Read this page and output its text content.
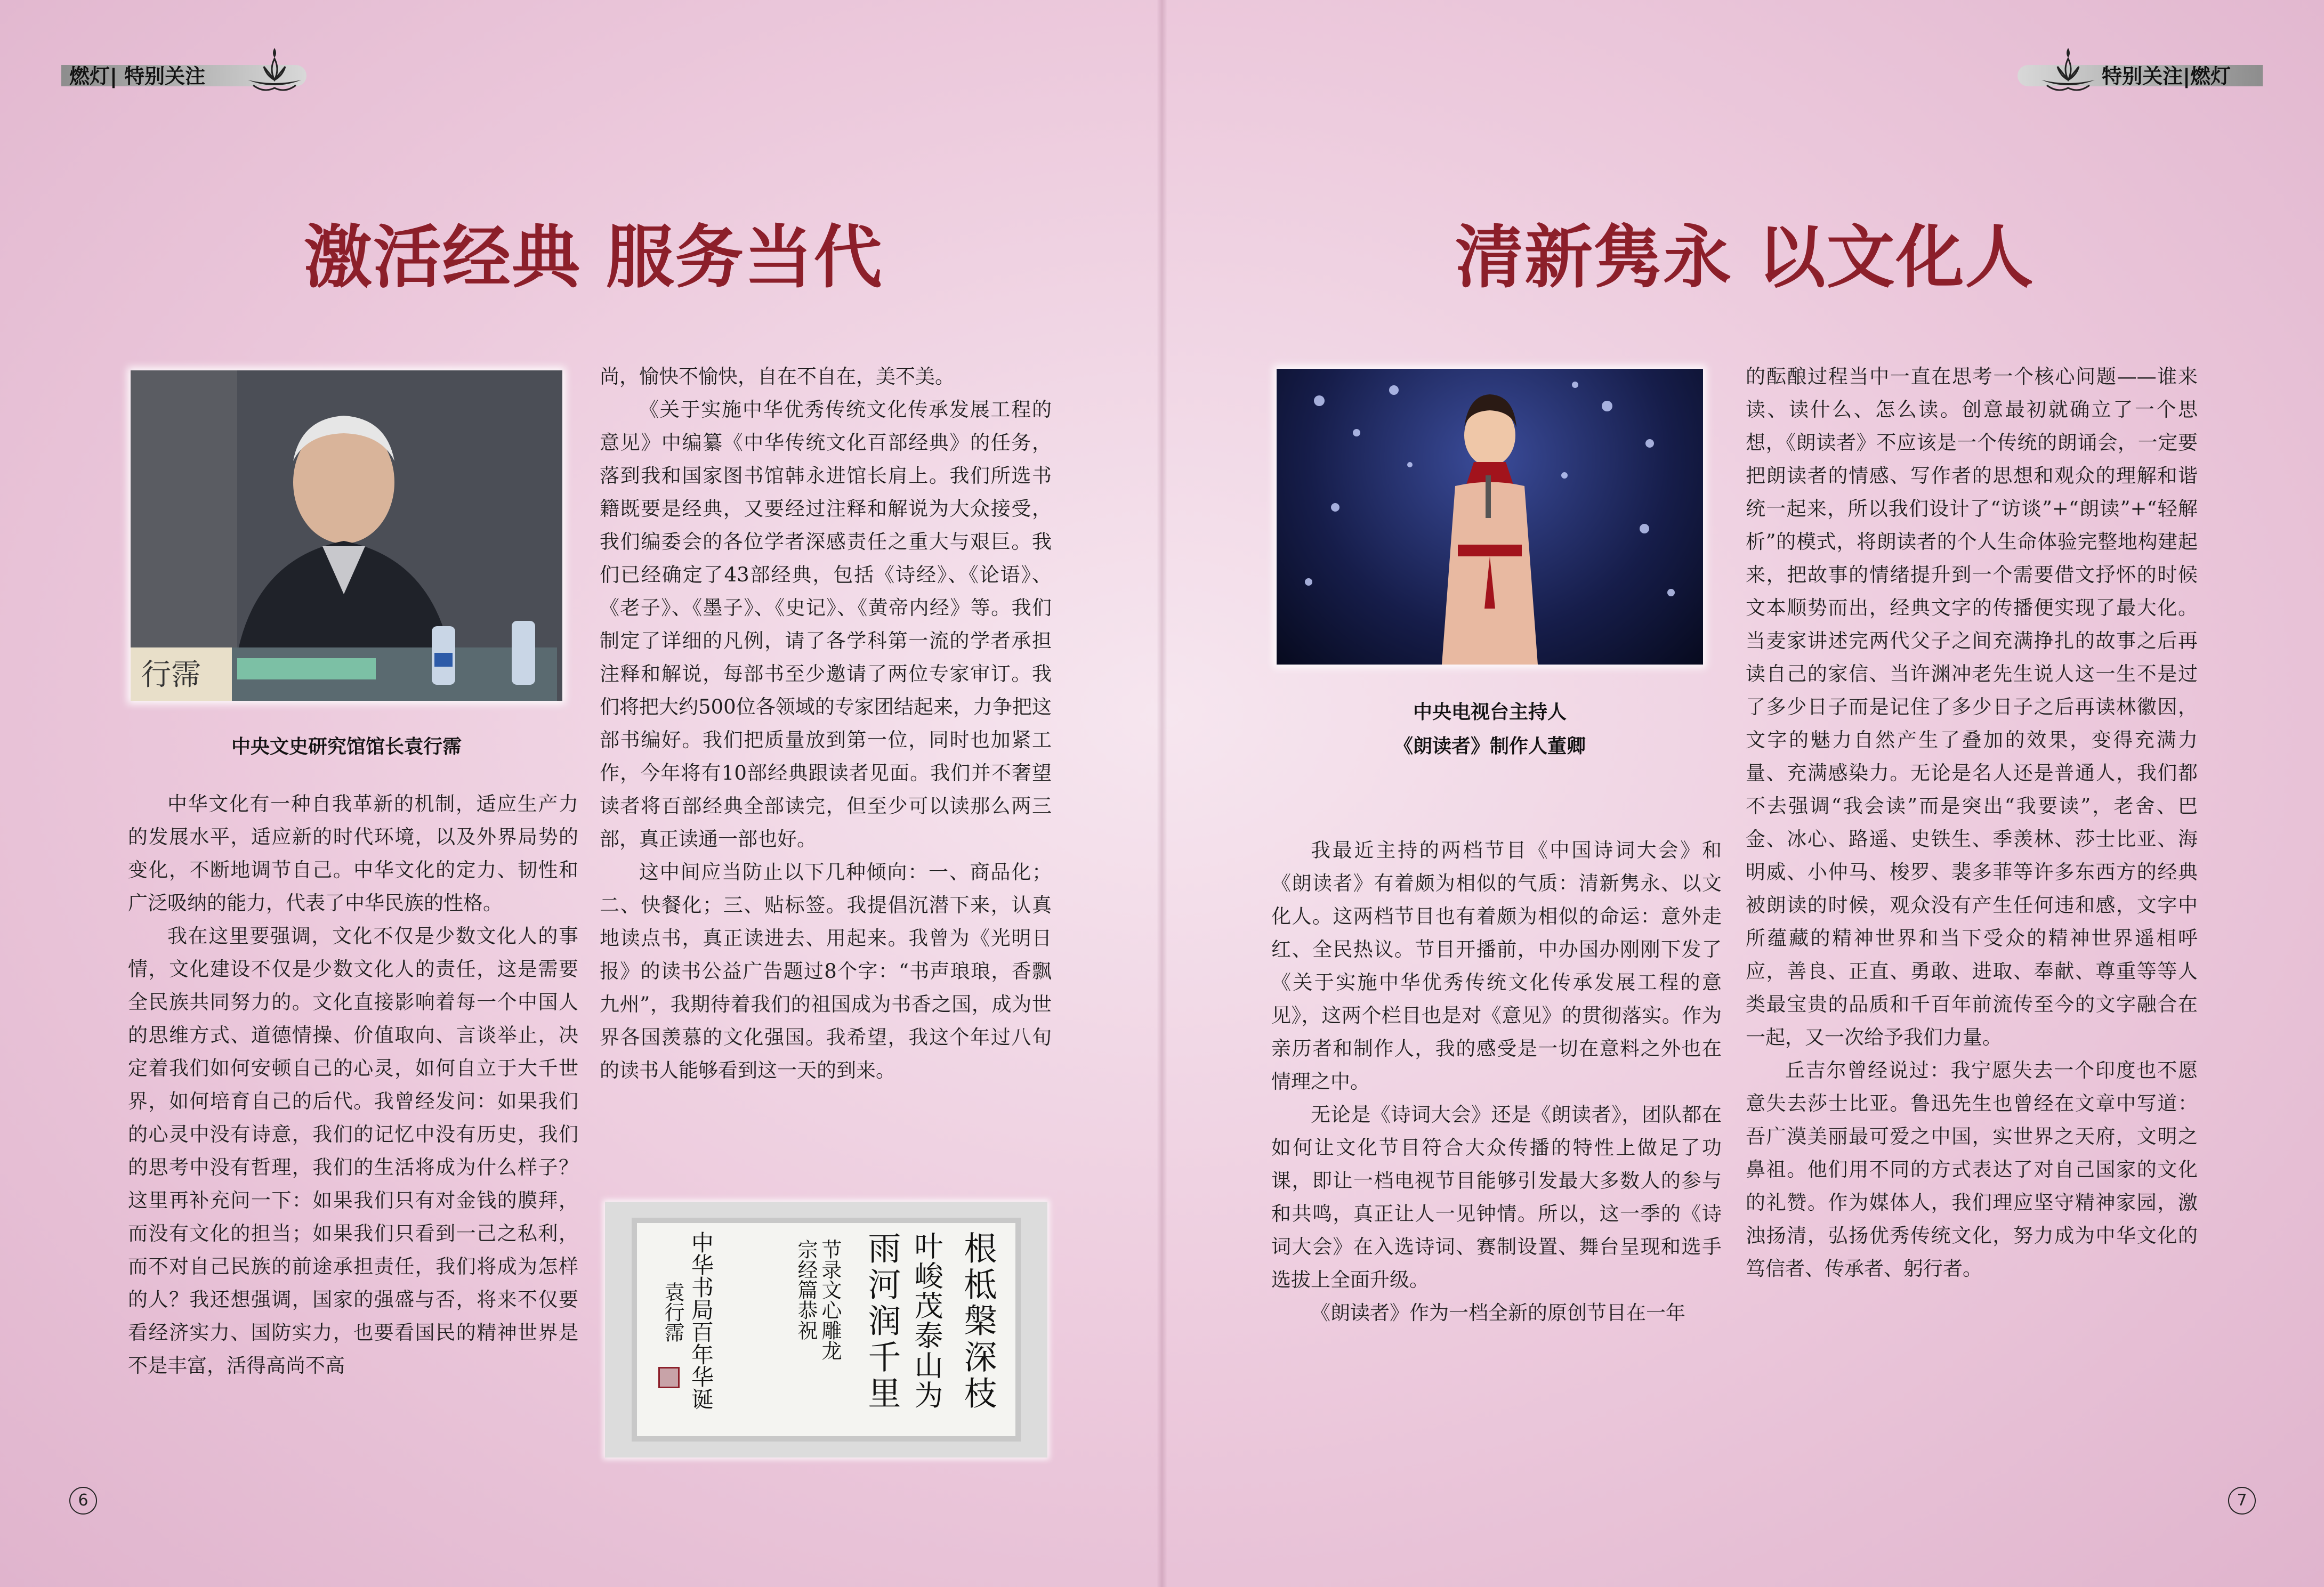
燃灯| 特别关注
激活经典 服务当代
行霈
中央文史研究馆馆长袁行霈

中华文化有一种自我革新的机制，适应生产力的发展水平，适应新的时代环境，以及外界局势的变化，不断地调节自己。中华文化的定力、韧性和广泛吸纳的能力，代表了中华民族的性格。

我在这里要强调，文化不仅是少数文化人的事情，文化建设不仅是少数文化人的责任，这是需要全民族共同努力的。文化直接影响着每一个中国人的思维方式、道德情操、价值取向、言谈举止，决定着我们如何安顿自己的心灵，如何自立于大千世界，如何培育自己的后代。我曾经发问：如果我们的心灵中没有诗意，我们的记忆中没有历史，我们的思考中没有哲理，我们的生活将成为什么样子？这里再补充问一下：如果我们只有对金钱的膜拜，而没有文化的担当；如果我们只看到一己之私利，而不对自己民族的前途承担责任，我们将成为怎样的人？我还想强调，国家的强盛与否，将来不仅要看经济实力、国防实力，也要看国民的精神世界是不是丰富，活得高尚不高

尚，愉快不愉快，自在不自在，美不美。

《关于实施中华优秀传统文化传承发展工程的意见》中编纂《中华传统文化百部经典》的任务，落到我和国家图书馆韩永进馆长肩上。我们所选书籍既要是经典，又要经过注释和解说为大众接受，我们编委会的各位学者深感责任之重大与艰巨。我们已经确定了43部经典，包括《诗经》、《论语》、《老子》、《墨子》、《史记》、《黄帝内经》等。我们制定了详细的凡例，请了各学科第一流的学者承担注释和解说，每部书至少邀请了两位专家审订。我们将把大约500位各领域的专家团结起来，力争把这部书编好。我们把质量放到第一位，同时也加紧工作，今年将有10部经典跟读者见面。我们并不奢望读者将百部经典全部读完，但至少可以读那么两三部，真正读通一部也好。

这中间应当防止以下几种倾向：一、商品化；二、快餐化；三、贴标签。我提倡沉潜下来，认真地读点书，真正读进去、用起来。我曾为《光明日报》的读书公益广告题过8个字：“书声琅琅，香飘九州”，我期待着我们的祖国成为书香之国，成为世界各国羡慕的文化强国。我希望，我这个年过八旬的读书人能够看到这一天的到来。

根柢槃深枝
叶峻茂泰山为
雨河润千里
节录文心雕龙
宗经篇恭祝
中华书局百年华诞
袁行霈
6
特别关注|燃灯
清新隽永 以文化人
中央电视台主持人
《朗读者》制作人董卿

我最近主持的两档节目《中国诗词大会》和《朗读者》有着颇为相似的气质：清新隽永、以文化人。这两档节目也有着颇为相似的命运：意外走红、全民热议。节目开播前，中办国办刚刚下发了《关于实施中华优秀传统文化传承发展工程的意见》，这两个栏目也是对《意见》的贯彻落实。作为亲历者和制作人，我的感受是一切在意料之外也在情理之中。

无论是《诗词大会》还是《朗读者》，团队都在如何让文化节目符合大众传播的特性上做足了功课，即让一档电视节目能够引发最大多数人的参与和共鸣，真正让人一见钟情。所以，这一季的《诗词大会》在入选诗词、赛制设置、舞台呈现和选手选拔上全面升级。

《朗读者》作为一档全新的原创节目在一年

的酝酿过程当中一直在思考一个核心问题——谁来读、读什么、怎么读。创意最初就确立了一个思想，《朗读者》不应该是一个传统的朗诵会，一定要把朗读者的情感、写作者的思想和观众的理解和谐统一起来，所以我们设计了“访谈”+“朗读”+“轻解析”的模式，将朗读者的个人生命体验完整地构建起来，把故事的情绪提升到一个需要借文抒怀的时候文本顺势而出，经典文字的传播便实现了最大化。当麦家讲述完两代父子之间充满挣扎的故事之后再读自己的家信、当许渊冲老先生说人这一生不是过了多少日子而是记住了多少日子之后再读林徽因，文字的魅力自然产生了叠加的效果，变得充满力量、充满感染力。无论是名人还是普通人，我们都不去强调“我会读”而是突出“我要读”，老舍、巴金、冰心、路遥、史铁生、季羡林、莎士比亚、海明威、小仲马、梭罗、裴多菲等许多东西方的经典被朗读的时候，观众没有产生任何违和感，文字中所蕴藏的精神世界和当下受众的精神世界遥相呼应，善良、正直、勇敢、进取、奉献、尊重等等人类最宝贵的品质和千百年前流传至今的文字融合在一起，又一次给予我们力量。

丘吉尔曾经说过：我宁愿失去一个印度也不愿意失去莎士比亚。鲁迅先生也曾经在文章中写道：吾广漠美丽最可爱之中国，实世界之天府，文明之鼻祖。他们用不同的方式表达了对自己国家的文化的礼赞。作为媒体人，我们理应坚守精神家园，激浊扬清，弘扬优秀传统文化，努力成为中华文化的笃信者、传承者、躬行者。

7
